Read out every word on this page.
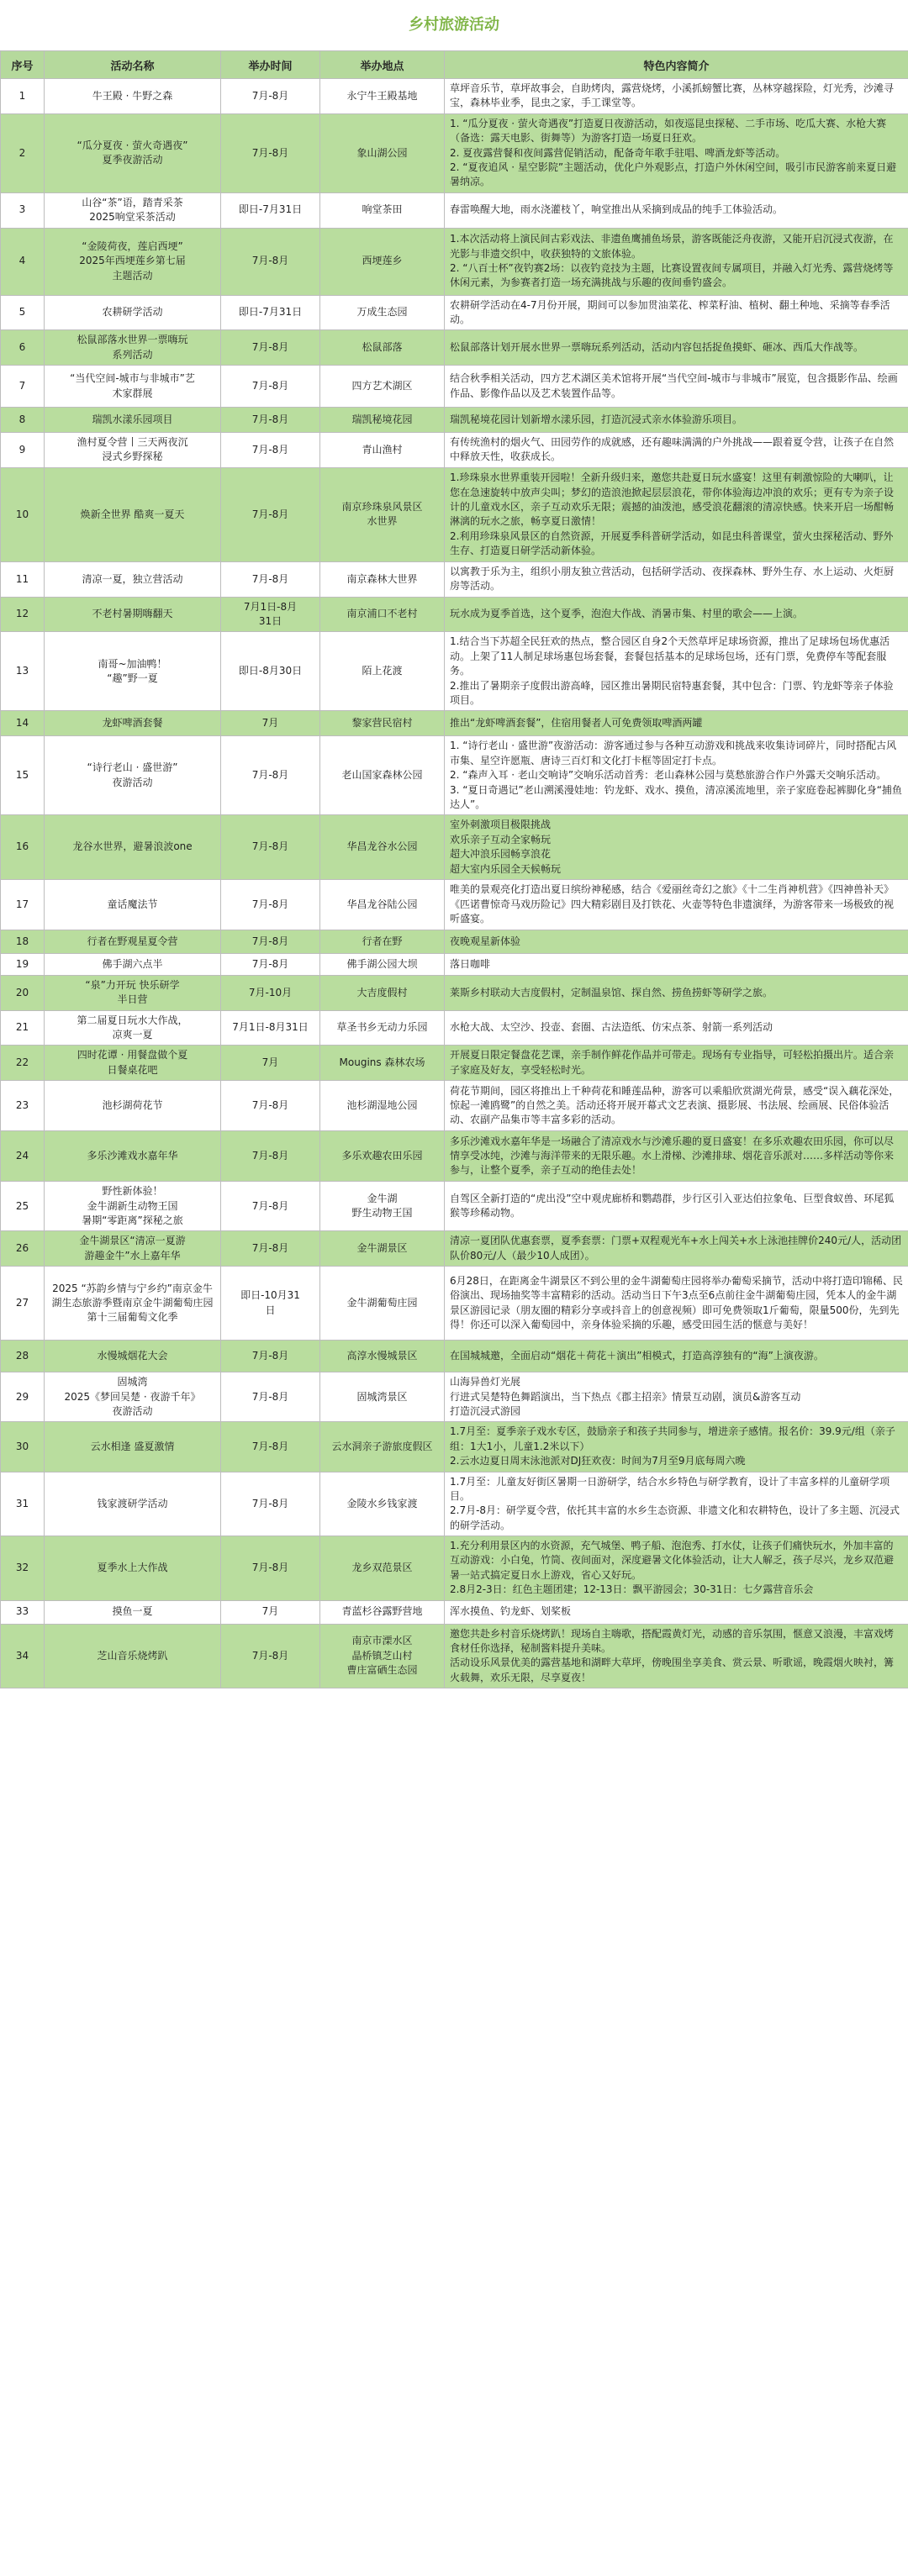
乡村旅游活动
序号	活动名称	举办时间	举办地点	特色内容简介
1	牛王殿 · 牛野之森	7月-8月	永宁牛王殿基地	草坪音乐节，草坪故事会，自助烤肉，露营烧烤，小溪抓螃蟹比赛，丛林穿越探险，灯光秀，沙滩寻宝，森林毕业季，昆虫之家，手工课堂等。

2	“瓜分夏夜 · 萤火奇遇夜”
夏季夜游活动	7月-8月	象山湖公园	1. “瓜分夏夜 · 萤火奇遇夜”打造夏日夜游活动，如夜巡昆虫探秘、二手市场、吃瓜大赛、水枪大赛（备选：露天电影、街舞等）为游客打造一场夏日狂欢。
2. 夏夜露营餐和夜间露营促销活动，配备奇年歌手驻唱、啤酒龙虾等活动。
2. “夏夜追风 · 星空影院”主题活动，优化户外观影点，打造户外休闲空间，吸引市民游客前来夏日避暑纳凉。

3	山谷“茶”语，踏青采茶
2025响堂采茶活动	即日-7月31日	响堂茶田	春雷唤醒大地，雨水浇灌枝丫，响堂推出从采摘到成品的纯手工体验活动。

4	“金陵荷夜，莲启西埂”
2025年西埂莲乡第七届
主题活动	7月-8月	西埂莲乡	1.本次活动将上演民间古彩戏法、非遗鱼鹰捕鱼场景，游客既能泛舟夜游，又能开启沉浸式夜游，在光影与非遗交织中，收获独特的文旅体验。
2. “八百士杯”夜钓赛2场：以夜钓竞技为主题，比赛设置夜间专属项目，并融入灯光秀、露营烧烤等休闲元素，为参赛者打造一场充满挑战与乐趣的夜间垂钓盛会。

5	农耕研学活动	即日-7月31日	万成生态园	农耕研学活动在4-7月份开展，期间可以参加贯油菜花、榨菜籽油、植树、翻土种地、采摘等春季活动。

6	松鼠部落水世界一票嗨玩
系列活动	7月-8月	松鼠部落	松鼠部落计划开展水世界一票嗨玩系列活动，活动内容包括捉鱼摸虾、砸冰、西瓜大作战等。

7	“当代空间-城市与非城市”艺
术家群展	7月-8月	四方艺术湖区	结合秋季相关活动，四方艺术湖区美术馆将开展“当代空间-城市与非城市”展览，包含摄影作品、绘画作品、影像作品以及艺术装置作品等。

8	瑞凯水漾乐园项目	7月-8月	瑞凯秘境花园	瑞凯秘境花园计划新增水漾乐园，打造沉浸式亲水体验游乐项目。

9	渔村夏令营丨三天两夜沉
浸式乡野探秘	7月-8月	青山渔村	有传统渔村的烟火气、田园劳作的成就感，还有趣味满满的户外挑战——跟着夏令营，让孩子在自然中释放天性，收获成长。

10	焕新全世界 酷爽一夏天	7月-8月	南京珍珠泉风景区
水世界	1.珍珠泉水世界重装开园啦！全新升级归来，邀您共赴夏日玩水盛宴！这里有刺激惊险的大喇叭，让您在急速旋转中放声尖叫；梦幻的造浪池掀起层层浪花，带你体验海边冲浪的欢乐；更有专为亲子设计的儿童戏水区，亲子互动欢乐无限；震撼的油泼池，感受浪花翻滚的清凉快感。快来开启一场酣畅淋漓的玩水之旅，畅享夏日激情！
2.利用珍珠泉风景区的自然资源，开展夏季科普研学活动，如昆虫科普课堂，萤火虫探秘活动、野外生存、打造夏日研学活动新体验。

11	清凉一夏，独立营活动	7月-8月	南京森林大世界	以寓教于乐为主，组织小朋友独立营活动，包括研学活动、夜探森林、野外生存、水上运动、火炬厨房等活动。

12	不老村暑期嗨翻天	7月1日-8月
31日	南京浦口不老村	玩水成为夏季首选，这个夏季，泡泡大作战、消暑市集、村里的歌会——上演。

13	南哥~加油鸭！
“趣”野一夏	即日-8月30日	陌上花渡	1.结合当下苏超全民狂欢的热点，整合园区自身2个天然草坪足球场资源，推出了足球场包场优惠活动。上架了11人制足球场惠包场套餐，套餐包括基本的足球场包场，还有门票，免费停车等配套服务。
2.推出了暑期亲子度假出游高峰，园区推出暑期民宿特惠套餐，其中包含：门票、钓龙虾等亲子体验项目。

14	龙虾啤酒套餐	7月	黎家营民宿村	推出“龙虾啤酒套餐”，住宿用餐者人可免费领取啤酒两罐

15	“诗行老山 · 盛世游”
夜游活动	7月-8月	老山国家森林公园	1. “诗行老山 · 盛世游”夜游活动：游客通过参与各种互动游戏和挑战来收集诗词碎片，同时搭配古风市集、星空许愿瓶、唐诗三百灯和文化打卡框等固定打卡点。
2. “森声入耳 · 老山交响诗”交响乐活动首秀：老山森林公园与莫愁旅游合作户外露天交响乐活动。
3. “夏日奇遇记”老山溯溪漫娃地：钓龙虾、戏水、摸鱼，清凉溪流地里，亲子家庭卷起裤脚化身“捕鱼达人”。

16	龙谷水世界，避暑浪波one	7月-8月	华昌龙谷水公园	室外刺激项目极限挑战
欢乐亲子互动全家畅玩
超大冲浪乐园畅享浪花
超大室内乐园全天候畅玩

17	童话魔法节	7月-8月	华昌龙谷陆公园	唯美的景观亮化打造出夏日缤纷神秘感，结合《爱丽丝奇幻之旅》《十二生肖神机营》《四神兽补天》《匹诺曹惊奇马戏历险记》四大精彩剧目及打铁花、火壶等特色非遗演绎，为游客带来一场极致的视听盛宴。

18	行者在野观星夏令营	7月-8月	行者在野	夜晚观星新体验

19	佛手湖六点半	7月-8月	佛手湖公园大坝	落日咖啡

20	“泉”力开玩 快乐研学
半日营	7月-10月	大吉度假村	莱斯乡村联动大吉度假村，定制温泉馆、探自然、捞鱼捞虾等研学之旅。

21	第二届夏日玩水大作战，
凉爽一夏	7月1日-8月31日	草圣书乡无动力乐园	水枪大战、太空沙、投壶、套圈、古法造纸、仿宋点茶、射箭一系列活动

22	四时花谭 · 用餐盘做个夏
日餐桌花吧	7月	Mougins 森林农场	开展夏日限定餐盘花艺课，亲手制作鲜花作品并可带走。现场有专业指导，可轻松拍摄出片。适合亲子家庭及好友，享受轻松时光。

23	池杉湖荷花节	7月-8月	池杉湖湿地公园	荷花节期间，园区将推出上千种荷花和睡莲品种，游客可以乘船欣赏湖光荷景，感受“误入藕花深处，惊起一滩鸥鹭”的自然之美。活动还将开展开幕式文艺表演、摄影展、书法展、绘画展、民俗体验活动、农副产品集市等丰富多彩的活动。

24	多乐沙滩戏水嘉年华	7月-8月	多乐欢趣农田乐园	多乐沙滩戏水嘉年华是一场融合了清凉戏水与沙滩乐趣的夏日盛宴！在多乐欢趣农田乐园，你可以尽情享受冰纯，沙滩与海洋带来的无限乐趣。水上滑梯、沙滩排球、烟花音乐派对……多样活动等你来参与，让整个夏季，亲子互动的绝佳去处！

25	野性新体验！
金牛湖新生动物王国
暑期“零距离”探秘之旅	7月-8月	金牛湖
野生动物王国	自驾区全新打造的“虎出没”空中观虎廊桥和鹦鹉群，步行区引入亚达伯拉象龟、巨型食蚁兽、环尾狐猴等珍稀动物。

26	金牛湖景区“清凉一夏游
游趣金牛”水上嘉年华	7月-8月	金牛湖景区	清凉一夏团队优惠套票，夏季套票：门票+双程观光车+水上闯关+水上泳池挂牌价240元/人，活动团队价80元/人（最少10人成团）。

27	2025 “苏韵乡情与宁乡约”南京金牛湖生态旅游季暨南京金牛湖葡萄庄园第十三届葡萄文化季	即日-10月31
日	金牛湖葡萄庄园	6月28日，在距离金牛湖景区不到公里的金牛湖葡萄庄园将举办葡萄采摘节，活动中将打造印锦稀、民俗演出、现场抽奖等丰富精彩的活动。活动当日下午3点至6点前往金牛湖葡萄庄园，凭本人的金牛湖景区游园记录（朋友圈的精彩分享或抖音上的创意视频）即可免费领取1斤葡萄，限量500份，先到先得！你还可以深入葡萄园中，亲身体验采摘的乐趣，感受田园生活的惬意与美好！

28	水慢城烟花大会	7月-8月	高淳水慢城景区	在国城城邀，全面启动“烟花＋荷花＋演出”相模式，打造高淳独有的“海”上演夜游。

29	固城湾
2025《梦回吴楚 · 夜游千年》
夜游活动	7月-8月	固城湾景区	山海异兽灯光展
行进式吴楚特色舞蹈演出，当下热点《郡主招亲》情景互动剧，演员&游客互动
打造沉浸式游园

30	云水相逢 盛夏激情	7月-8月	云水洞亲子游旅度假区	1.7月至：夏季亲子戏水专区，鼓励亲子和孩子共同参与，增进亲子感情。报名价：39.9元/组（亲子组：1大1小，儿童1.2米以下）
2.云水边夏日周末泳池派对DJ狂欢夜：时间为7月至9月底每周六晚

31	钱家渡研学活动	7月-8月	金陵水乡钱家渡	1.7月至：儿童友好街区暑期一日游研学，结合水乡特色与研学教育，设计了丰富多样的儿童研学项目。
2.7月-8月：研学夏令营，依托其丰富的水乡生态资源、非遗文化和农耕特色，设计了多主题、沉浸式的研学活动。

32	夏季水上大作战	7月-8月	龙乡双范景区	1.充分利用景区内的水资源，充气城堡、鸭子船、泡泡秀、打水仗，让孩子们痛快玩水，外加丰富的互动游戏：小白兔，竹筒、夜间面对，深度避暑文化体验活动，让大人解乏，孩子尽兴，龙乡双范避暑一站式搞定夏日水上游戏，省心又好玩。
2.8月2-3日：红色主题团建；12-13日：飘平游园会；30-31日：七夕露营音乐会

33	摸鱼一夏	7月	青蓝杉谷露野营地	浑水摸鱼、钓龙虾、划桨板

34	芝山音乐烧烤趴	7月-8月	南京市溧水区
晶桥镇芝山村
曹庄富硒生态园	邀您共赴乡村音乐烧烤趴！现场自主嗨歌，搭配霞黄灯光，动感的音乐氛围，惬意又浪漫，丰富戏烤食材任你选择，秘制酱料提升美味。
活动设乐风景优美的露营基地和湖畔大草坪，傍晚围坐享美食、赏云景、听歌谣，晚霞烟火映衬，篝火载舞，欢乐无限，尽享夏夜！
